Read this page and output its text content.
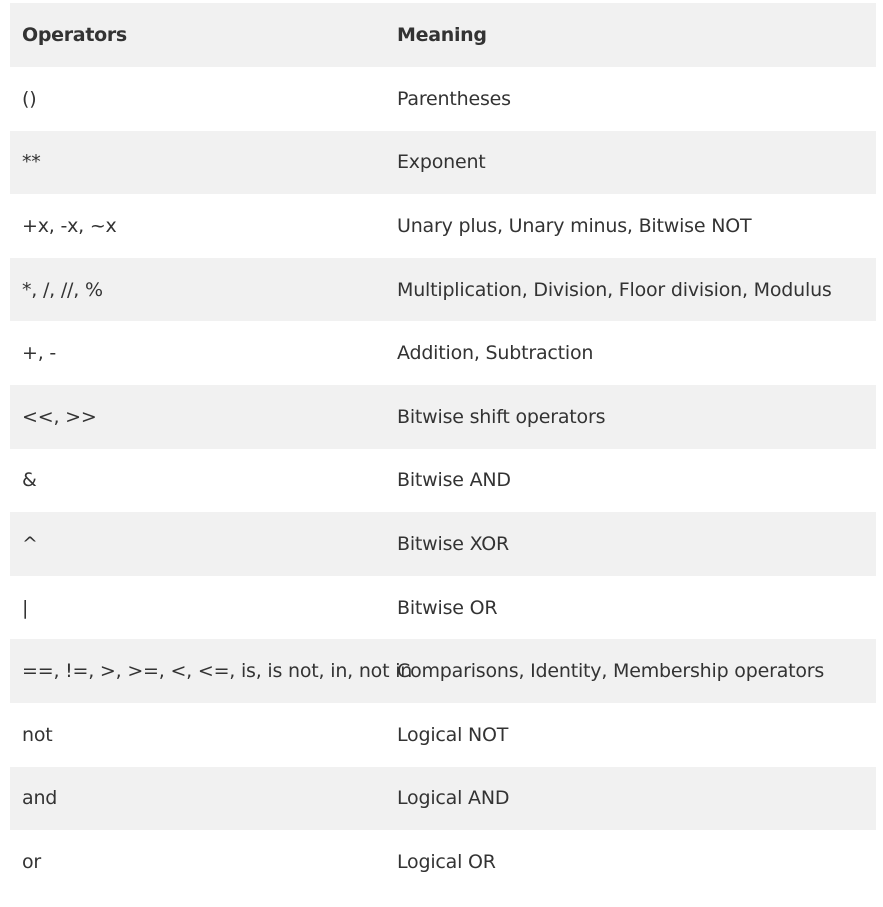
Operators	Meaning
()	Parentheses
**	Exponent
+x, -x, ~x	Unary plus, Unary minus, Bitwise NOT
*, /, //, %	Multiplication, Division, Floor division, Modulus
+, -	Addition, Subtraction
<<, >>	Bitwise shift operators
&	Bitwise AND
^	Bitwise XOR
|	Bitwise OR
==, !=, >, >=, <, <=, is, is not, in, not in	Comparisons, Identity, Membership operators
not	Logical NOT
and	Logical AND
or	Logical OR
